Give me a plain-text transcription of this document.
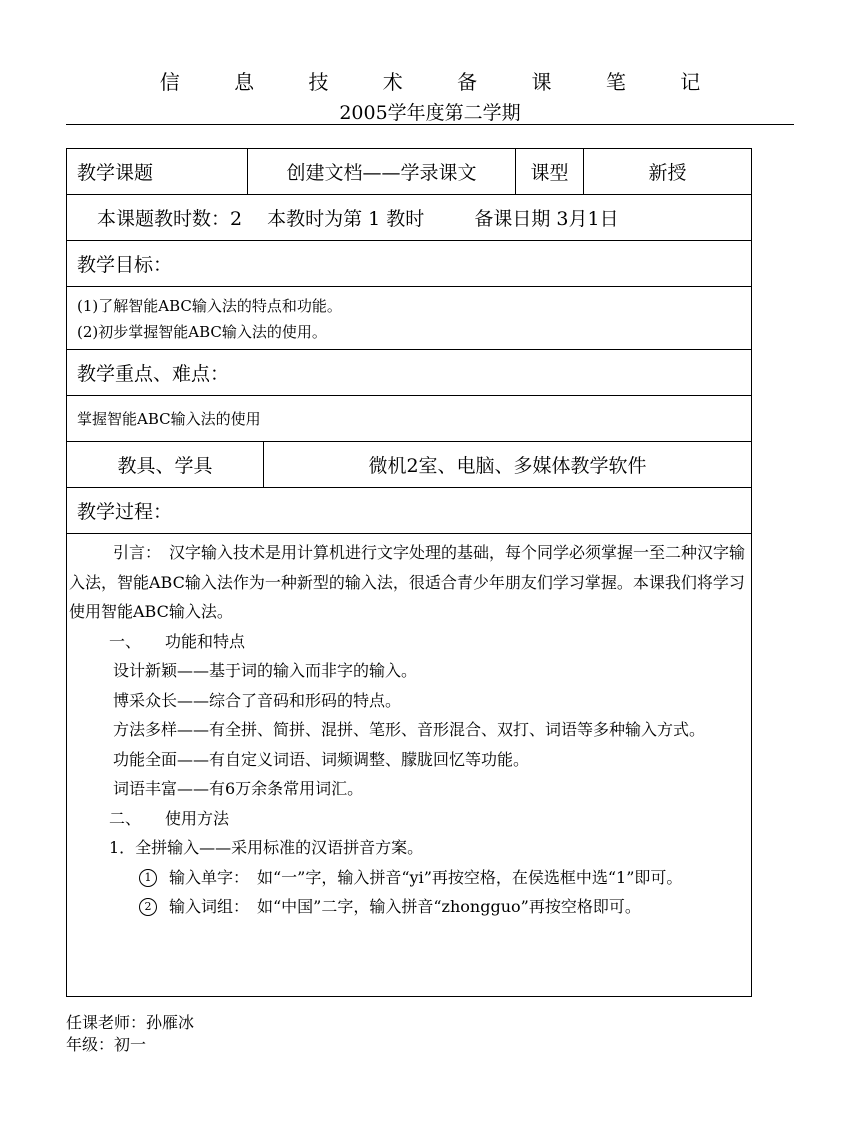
信 息 技 术 备 课 笔 记
2005学年度第二学期
教学课题	创建文档——学录课文	课型	新授
本课题教时数：2　 本教时为第 1 教时 　　 备课日期 3月1日
教学目标：
(1)了解智能ABC输入法的特点和功能。
(2)初步掌握智能ABC输入法的使用。
教学重点、难点：
掌握智能ABC输入法的使用
教具、学具	微机2室、电脑、多媒体教学软件
教学过程：

引言：　汉字输入技术是用计算机进行文字处理的基础，每个同学必须掌握一至二种汉字输入法，智能ABC输入法作为一种新型的输入法，很适合青少年朋友们学习掌握。本课我们将学习使用智能ABC输入法。

一、　　功能和特点

设计新颖——基于词的输入而非字的输入。

博采众长——综合了音码和形码的特点。

方法多样——有全拼、简拼、混拼、笔形、音形混合、双打、词语等多种输入方式。

功能全面——有自定义词语、词频调整、朦胧回忆等功能。

词语丰富——有6万余条常用词汇。

二、　　使用方法

1．全拼输入——采用标准的汉语拼音方案。

1	输入单字：　如“一”字，输入拼音“yi”再按空格，在侯选框中选“1”即可。
2	输入词组：　如“中国”二字，输入拼音“zhongguo”再按空格即可。
任课老师：孙雁冰
年级：初一
